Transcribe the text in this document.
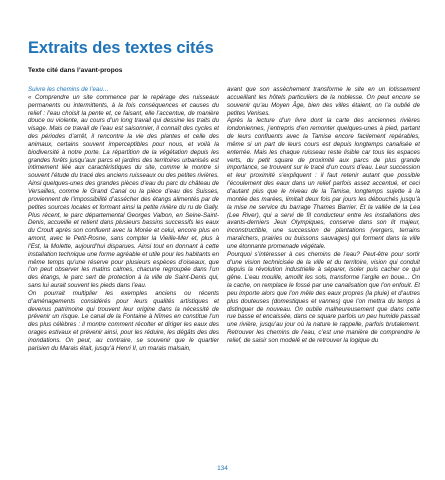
Extraits des textes cités
Texte cité dans l’avant-propos
Suivre les chemins de l’eau…
« Comprendre un site commence par le repérage des ruisseaux permanents ou intermittents, à la fois conséquences et causes du relief : l’eau choisit la pente et, ce faisant, elle l’accentue, de manière douce ou violente, au cours d’un long travail qui dessine les traits du visage. Mais ce travail de l’eau est saisonnier, il connaît des cycles et des périodes d’arrêt, il rencontre la vie des plantes et celle des animaux, certains souvent imperceptibles pour nous, et voilà la biodiversité à notre porte. La répartition de la végétation depuis les grandes forêts jusqu’aux parcs et jardins des territoires urbanisés est intimement liée aux caractéristiques du site, comme le montre si souvent l’étude du tracé des anciens ruisseaux ou des petites rivières. Ainsi quelques-unes des grandes pièces d’eau du parc du château de Versailles, comme le Grand Canal ou la pièce d’eau des Suisses, proviennent de l’impossibilité d’assécher des étangs alimentés par de petites sources locales et formant ainsi la petite rivière du ru de Gally. Plus récent, le parc départemental Georges Valbon, en Seine-Saint-Denis, accueille et retient dans plusieurs bassins successifs les eaux du Croult après son confluent avec la Morée et celui, encore plus en amont, avec le Petit-Rosne, sans compter la Vieille-Mer et, plus à l’Est, la Molette, aujourd’hui disparues. Ainsi tout en donnant à cette installation technique une forme agréable et utile pour les habitants en même temps qu’une réserve pour plusieurs espèces d’oiseaux, que l’on peut observer les matins calmes, chacune regroupée dans l’un des étangs, le parc sert de protection à la ville de Saint-Denis qui, sans lui aurait souvent les pieds dans l’eau.
On pourrait multiplier les exemples anciens ou récents d’aménagements considérés pour leurs qualités artistiques et devenus patrimoine qui trouvent leur origine dans la nécessité de prévenir un risque. Le canal de la Fontaine à Nîmes en constitue l’un des plus célèbres : il montre comment récolter et diriger les eaux des orages estivaux et prévenir ainsi, pour les réduire, les dégâts des des inondations. On peut, au contraire, se souvenir que le quartier parisien du Marais était, jusqu’à Henri II, un marais malsain,
avant que son assèchement transforme le site en un lotissement accueillant les hôtels particuliers de la noblesse. On peut encore se souvenir qu’au Moyen Âge, bien des villes étaient, on l’a oublié de petites Venises.
Après la lecture d’un livre dont la carte des anciennes rivières londoniennes, j’entrepris d’en remonter quelques-unes à pied, partant de leurs confluents avec la Tamise encore facilement repérables, même si un part de leurs cours est depuis longtemps canalisée et enterrée. Mais les chaque ruisseau reste lisible car tous les espaces verts, du petit square de proximité aux parcs de plus grande importance, se trouvent sur le tracé d’un cours d’eau. Leur succession et leur proximité s’expliquent : il faut retenir autant que possible l’écoulement des eaux dans un relief parfois assez accentué, et ceci d’autant plus que le niveau de la Tamise, longtemps sujette à la montée des marées, limitait deux fois par jours les débouchés jusqu’à la mise ne service du barrage Thames Barrier. Et la vallée de la Lea (Lee River), qui a servi de fil conducteur entre les installations des avants-derniers Jeux Olympiques, conserve dans son lit majeur, inconstructible, une succession de plantations (vergers, terrains maraîchers, prairies ou buissons sauvages) qui forment dans la ville une étonnante promenade végétale.
Pourquoi s’intéresser à ces chemins de l’eau? Peut-être pour sortir d’une vision technicisée de la ville et du territoire, vision qui conduit depuis la révolution industrielle à séparer, isoler puis cacher ce qui gêne. L’eau mouille, amollit les sols, transforme l’argile en boue... On la cache, on remplace le fossé par une canalisation que l’on enfouit. Et peu importe alors que l’on mêle des eaux propres (la pluie) et d’autres plus douteuses (domestiques et vannes) que l’on mettra du temps à distinguer de nouveau. On oublie malheureusement que dans cette rue basse et encaissée, dans ce square parfois un peu humide passait une rivière, jusqu’au jour où la nature le rappelle, parfois brutalement. Retrouver les chemins de l’eau, c’est une manière de comprendre le relief, de saisir son modelé et de retrouver la logique du
134
